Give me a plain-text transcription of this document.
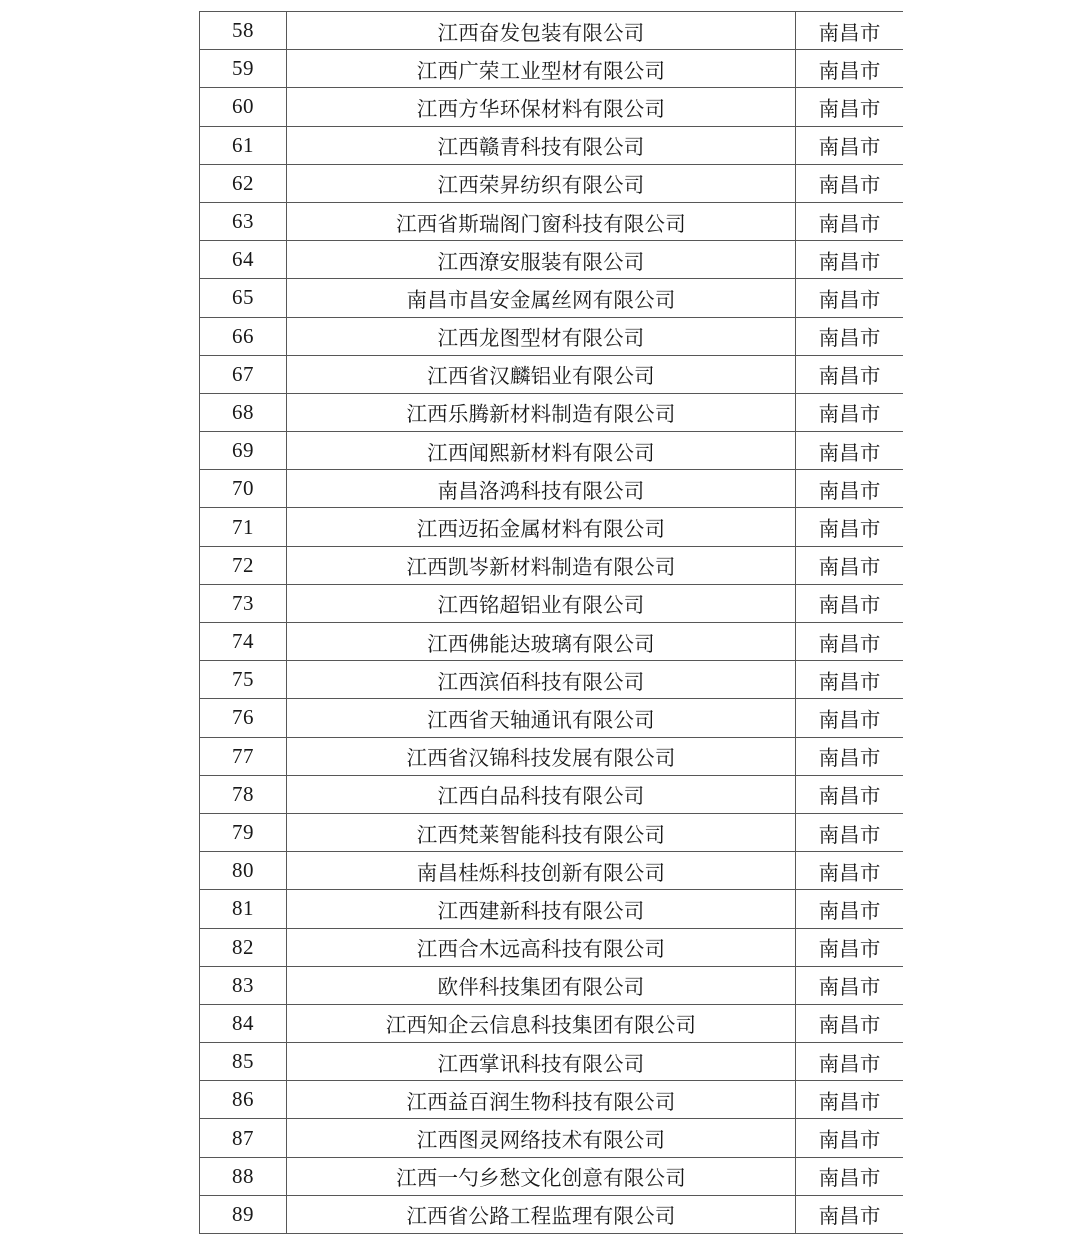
58	江西奋发包装有限公司	南昌市
59	江西广荣工业型材有限公司	南昌市
60	江西方华环保材料有限公司	南昌市
61	江西赣青科技有限公司	南昌市
62	江西荣昇纺织有限公司	南昌市
63	江西省斯瑞阁门窗科技有限公司	南昌市
64	江西潦安服装有限公司	南昌市
65	南昌市昌安金属丝网有限公司	南昌市
66	江西龙图型材有限公司	南昌市
67	江西省汉麟铝业有限公司	南昌市
68	江西乐腾新材料制造有限公司	南昌市
69	江西闻熙新材料有限公司	南昌市
70	南昌洛鸿科技有限公司	南昌市
71	江西迈拓金属材料有限公司	南昌市
72	江西凯岑新材料制造有限公司	南昌市
73	江西铭超铝业有限公司	南昌市
74	江西佛能达玻璃有限公司	南昌市
75	江西滨佰科技有限公司	南昌市
76	江西省天轴通讯有限公司	南昌市
77	江西省汉锦科技发展有限公司	南昌市
78	江西白品科技有限公司	南昌市
79	江西梵莱智能科技有限公司	南昌市
80	南昌桂烁科技创新有限公司	南昌市
81	江西建新科技有限公司	南昌市
82	江西合木远高科技有限公司	南昌市
83	欧伴科技集团有限公司	南昌市
84	江西知企云信息科技集团有限公司	南昌市
85	江西掌讯科技有限公司	南昌市
86	江西益百润生物科技有限公司	南昌市
87	江西图灵网络技术有限公司	南昌市
88	江西一勺乡愁文化创意有限公司	南昌市
89	江西省公路工程监理有限公司	南昌市
